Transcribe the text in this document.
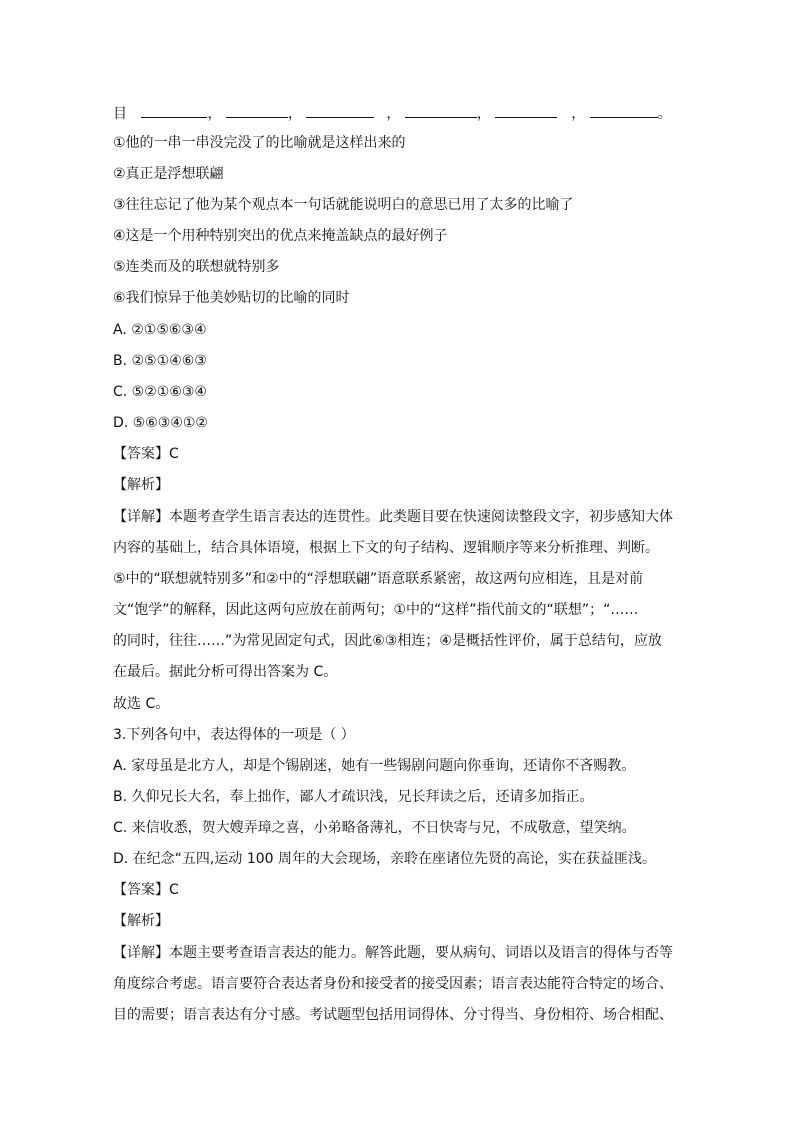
目	，	，	，	，	，	。
①他的一串一串没完没了的比喻就是这样出来的
②真正是浮想联翩
③往往忘记了他为某个观点本一句话就能说明白的意思已用了太多的比喻了
④这是一个用种特别突出的优点来掩盖缺点的最好例子
⑤连类而及的联想就特别多
⑥我们惊异于他美妙贴切的比喻的同时
A. ②①⑤⑥③④
B. ②⑤①④⑥③
C. ⑤②①⑥③④
D. ⑤⑥③④①②
【答案】C
【解析】
【详解】本题考查学生语言表达的连贯性。此类题目要在快速阅读整段文字，初步感知大体
内容的基础上，结合具体语境，根据上下文的句子结构、逻辑顺序等来分析推理、判断。
⑤中的“联想就特别多”和②中的“浮想联翩”语意联系紧密，故这两句应相连，且是对前
文“饱学”的解释，因此这两句应放在前两句；①中的“这样”指代前文的“联想”；“……
的同时，往往……”为常见固定句式，因此⑥③相连；④是概括性评价，属于总结句，应放
在最后。据此分析可得出答案为 C。
故选 C。
3.下列各句中，表达得体的一项是（ ）
A. 家母虽是北方人，却是个锡剧迷，她有一些锡剧问题向你垂询，还请你不吝赐教。
B. 久仰兄长大名，奉上拙作，鄙人才疏识浅，兄长拜读之后，还请多加指正。
C. 来信收悉，贺大嫂弄璋之喜，小弟略备薄礼，不日快寄与兄，不成敬意，望笑纳。
D. 在纪念“五四,运动 100 周年的大会现场，亲聆在座诸位先贤的高论，实在获益匪浅。
【答案】C
【解析】
【详解】本题主要考查语言表达的能力。解答此题，要从病句、词语以及语言的得体与否等
角度综合考虑。语言要符合表达者身份和接受者的接受因素；语言表达能符合特定的场合、
目的需要；语言表达有分寸感。考试题型包括用词得体、分寸得当、身份相符、场合相配、
